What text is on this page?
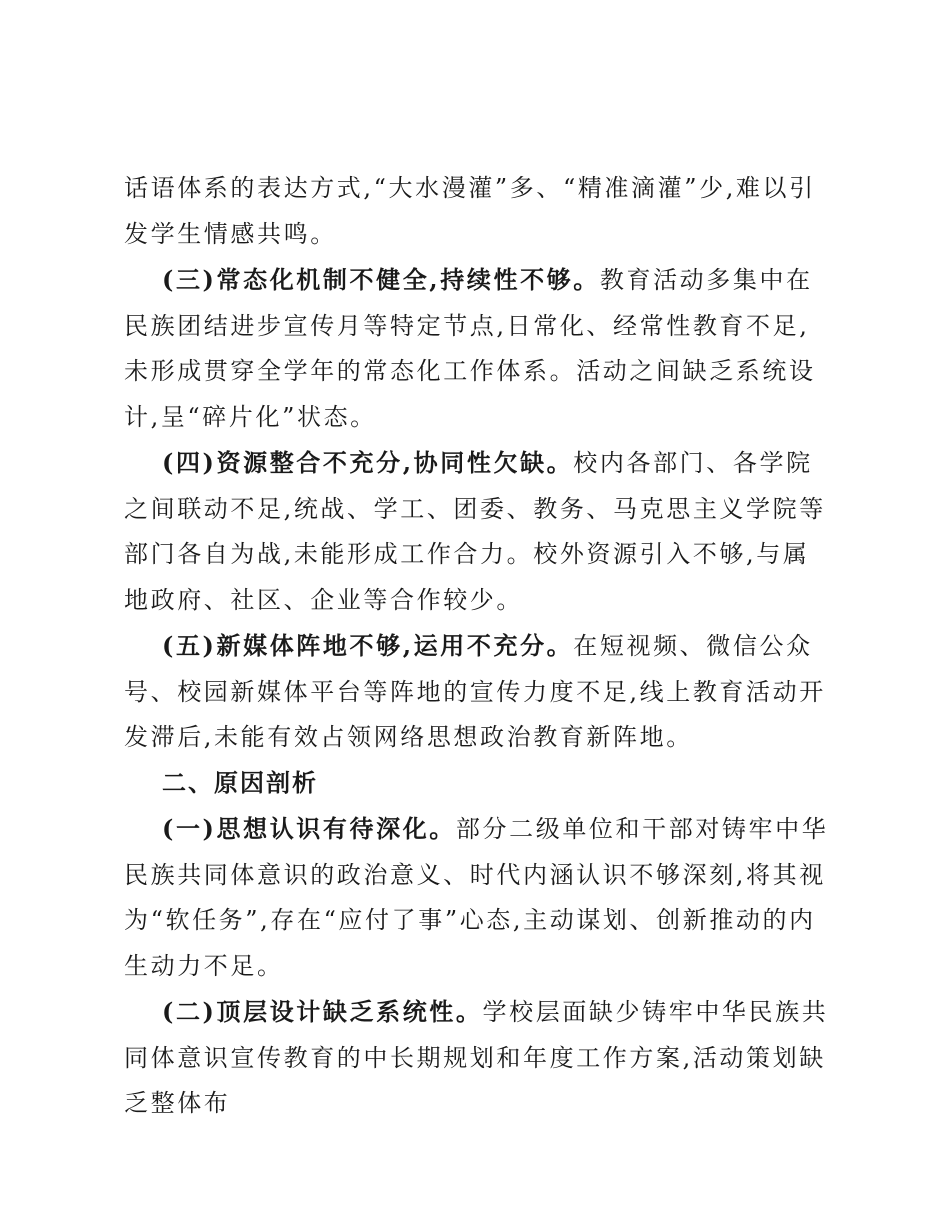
话语体系的表达方式,“大水漫灌”多、“精准滴灌”少,难以引发学生情感共鸣。

(三)常态化机制不健全,持续性不够。教育活动多集中在民族团结进步宣传月等特定节点,日常化、经常性教育不足,未形成贯穿全学年的常态化工作体系。活动之间缺乏系统设计,呈“碎片化”状态。

(四)资源整合不充分,协同性欠缺。校内各部门、各学院之间联动不足,统战、学工、团委、教务、马克思主义学院等部门各自为战,未能形成工作合力。校外资源引入不够,与属地政府、社区、企业等合作较少。

(五)新媒体阵地不够,运用不充分。在短视频、微信公众号、校园新媒体平台等阵地的宣传力度不足,线上教育活动开发滞后,未能有效占领网络思想政治教育新阵地。

二、原因剖析

(一)思想认识有待深化。部分二级单位和干部对铸牢中华民族共同体意识的政治意义、时代内涵认识不够深刻,将其视为“软任务”,存在“应付了事”心态,主动谋划、创新推动的内生动力不足。

(二)顶层设计缺乏系统性。学校层面缺少铸牢中华民族共同体意识宣传教育的中长期规划和年度工作方案,活动策划缺乏整体布
